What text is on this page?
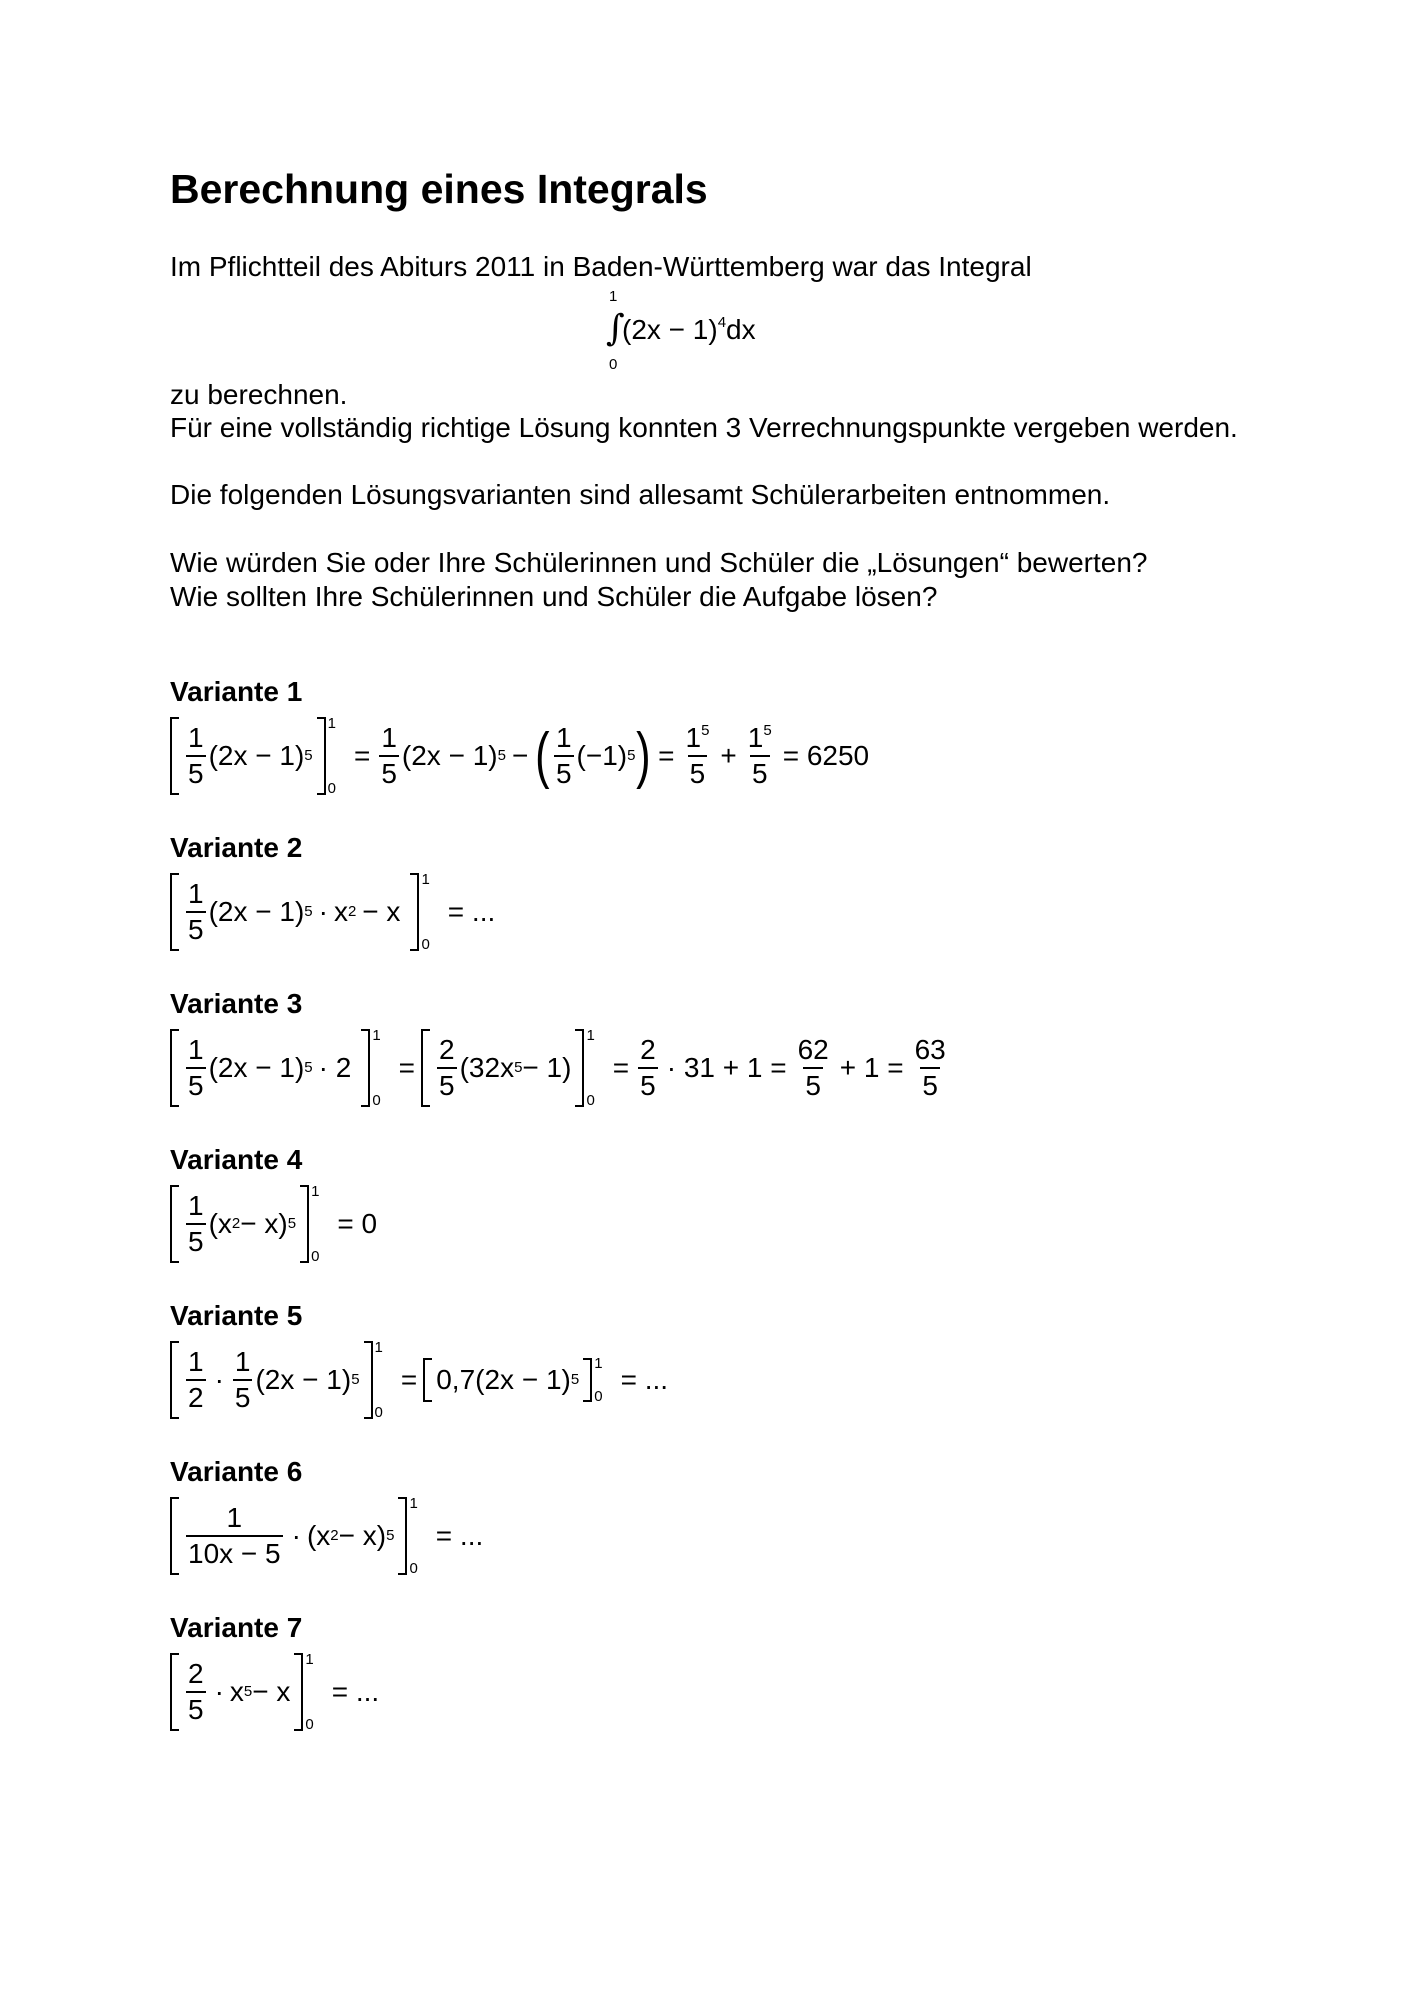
Berechnung eines Integrals
Im Pflichtteil des Abiturs 2011 in Baden-Württemberg war das Integral
1
∫
0
$(2x - 1)^4dx$
zu berechnen.
Für eine vollständig richtige Lösung konnten 3 Verrechnungspunkte vergeben werden.
Die folgenden Lösungsvarianten sind allesamt Schülerarbeiten entnommen.
Wie würden Sie oder Ihre Schülerinnen und Schüler die „Lösungen“ bewerten?
Wie sollten Ihre Schülerinnen und Schüler die Aufgabe lösen?
Variante 1
$\frac{1}{5} (2x - 1)$ 5
1
0
= $\frac{1}{5} (2x - 1) 5$ − ( $\frac{1}{5} (-1)$ 5 ) = $\frac{1^5}{5} + \frac{1^5}{5} = 6250$
Variante 2
$\frac{1}{5} (2x - 1) 5 \cdot x$ 2 − x
1
0
= ...
Variante 3
$\frac{1}{5} (2x - 1) 5 \cdot 2$
1
0
= $\frac{2}{5} (32x$ 5 − 1)
1
0
= $\frac{2}{5} \cdot 31 + 1 = \frac{62}{5} + 1 = \frac{63}{5}$
Variante 4
$\frac{1}{5} (x$ 2 − x) 5
1
0
= 0
Variante 5
$\frac{1}{2} \cdot \frac{1}{5} (2x - 1)$ 5
1
0
= 0,7(2x − 1) 5
1
0
= ...
Variante 6
$\frac{1}{10x - 5} \cdot (x$ 2 − x) 5
1
0
= ...
Variante 7
$\frac{2}{5} \cdot x$ 5 − x
1
0
= ...
